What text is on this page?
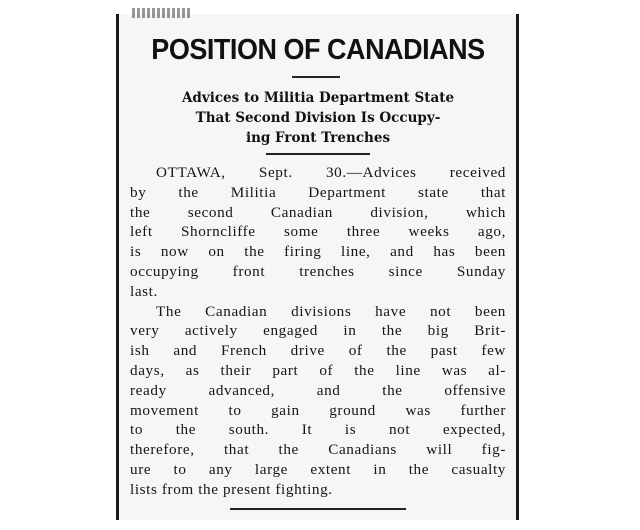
POSITION OF CANADIANS
Advices to Militia Department State
That Second Division Is Occupy-
ing Front Trenches

OTTAWA, Sept. 30.—Advices received
by the Militia Department state that
the second Canadian division, which
left Shorncliffe some three weeks ago,
is now on the firing line, and has been
occupying front trenches since Sunday
last.

The Canadian divisions have not been
very actively engaged in the big Brit-
ish and French drive of the past few
days, as their part of the line was al-
ready advanced, and the offensive
movement to gain ground was further
to the south. It is not expected,
therefore, that the Canadians will fig-
ure to any large extent in the casualty
lists from the present fighting.
